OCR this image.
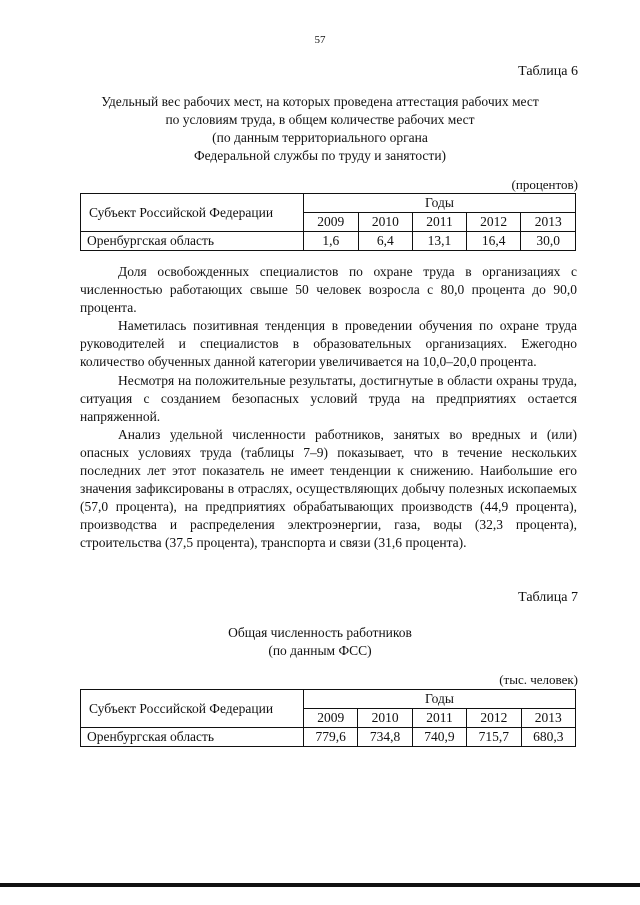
57
Таблица 6
Удельный вес рабочих мест, на которых проведена аттестация рабочих мест
по условиям труда, в общем количестве рабочих мест
(по данным территориального органа
Федеральной службы по труду и занятости)
(процентов)
Субъект Российской Федерации	Годы				
	2009	2010	2011	2012	2013
Оренбургская область	1,6	6,4	13,1	16,4	30,0

Доля освобожденных специалистов по охране труда в организациях с численностью работающих свыше 50 человек возросла с 80,0 процента до 90,0 процента.

Наметилась позитивная тенденция в проведении обучения по охране труда руководителей и специалистов в образовательных организациях. Ежегодно количество обученных данной категории увеличивается на 10,0–20,0 процента.

Несмотря на положительные результаты, достигнутые в области охраны труда, ситуация с созданием безопасных условий труда на предприятиях остается напряженной.

Анализ удельной численности работников, занятых во вредных и (или) опасных условиях труда (таблицы 7–9) показывает, что в течение нескольких последних лет этот показатель не имеет тенденции к снижению. Наибольшие его значения зафиксированы в отраслях, осуществляющих добычу полезных ископаемых (57,0 процента), на предприятиях обрабатывающих производств (44,9 процента), производства и распределения электроэнергии, газа, воды (32,3 процента), строительства (37,5 процента), транспорта и связи (31,6 процента).

Таблица 7
Общая численность работников
(по данным ФСС)
(тыс. человек)
Субъект Российской Федерации	Годы				
	2009	2010	2011	2012	2013
Оренбургская область	779,6	734,8	740,9	715,7	680,3
